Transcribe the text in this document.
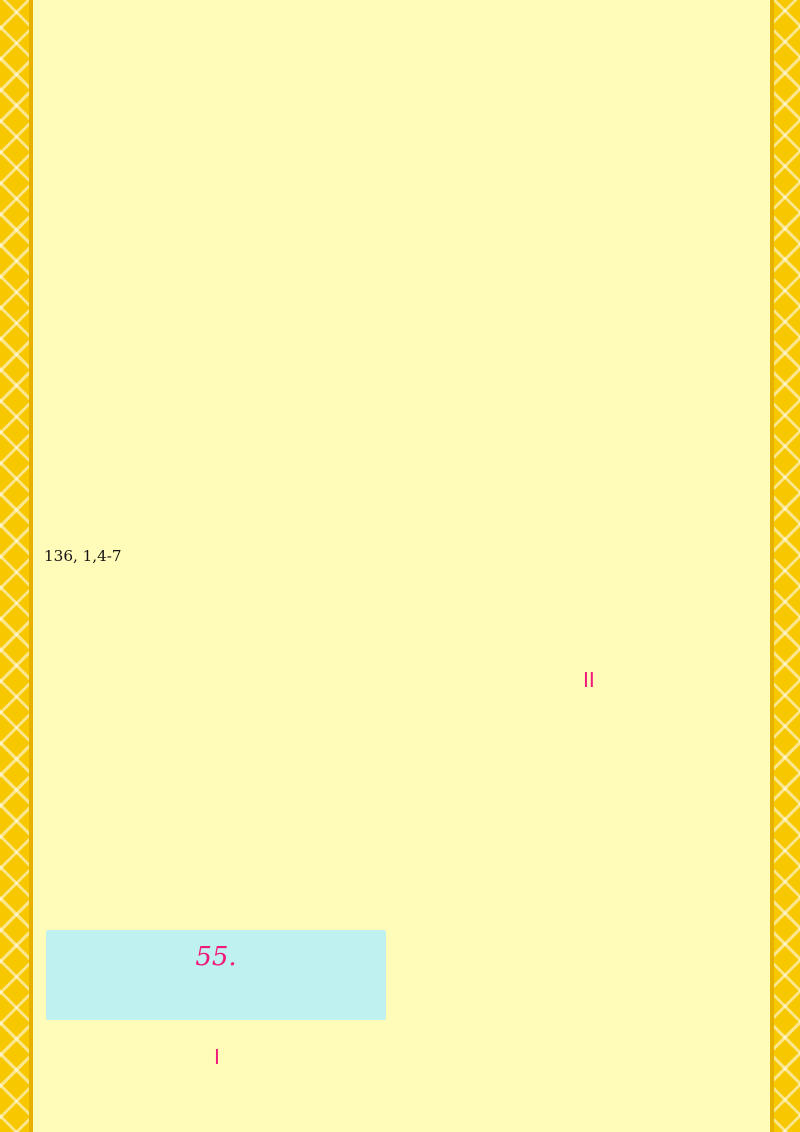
136, 1,4-7
55.
I
II
